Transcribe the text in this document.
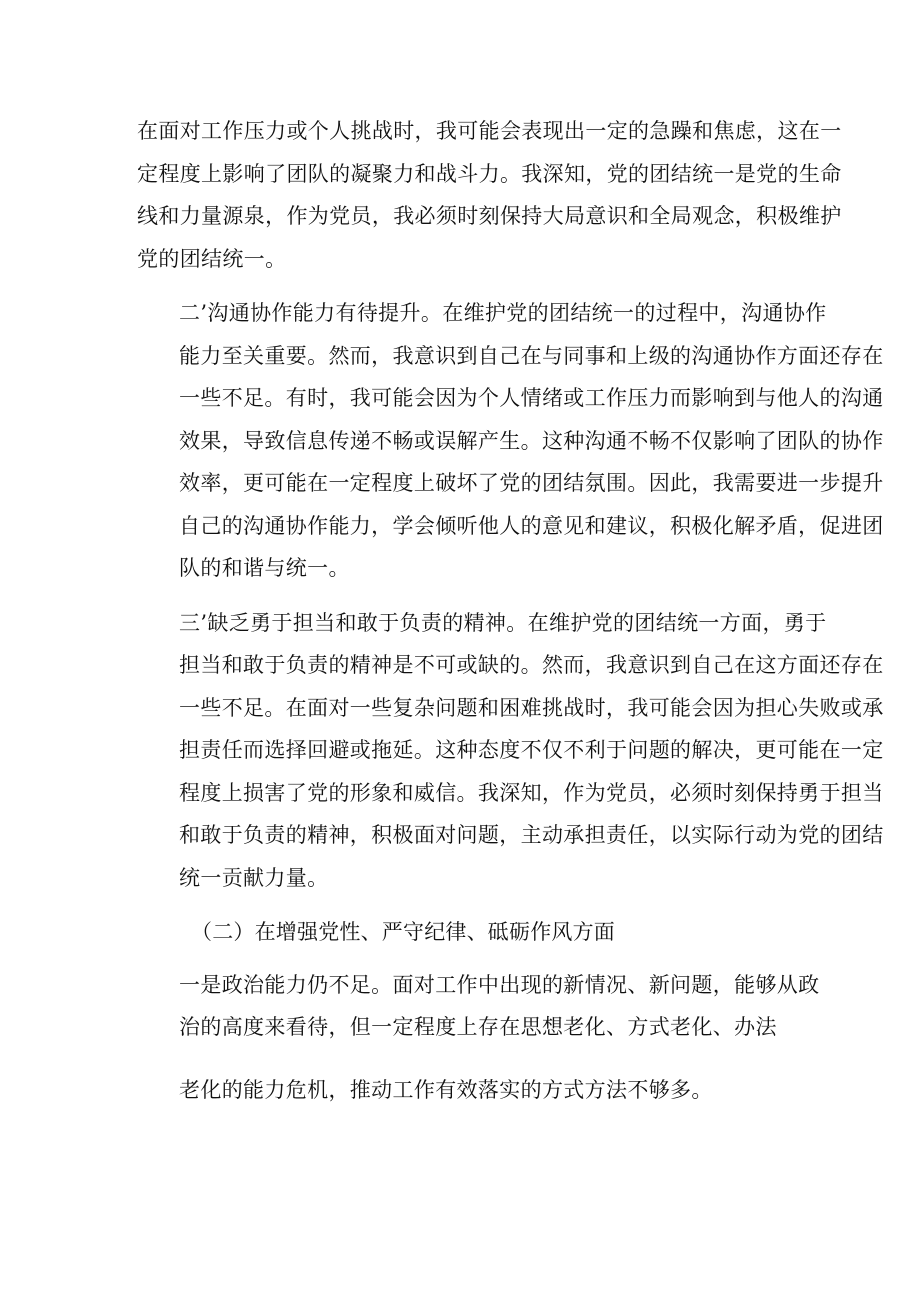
在面对工作压力或个人挑战时，我可能会表现出一定的急躁和焦虑，这在一
定程度上影响了团队的凝聚力和战斗力。我深知，党的团结统一是党的生命
线和力量源泉，作为党员，我必须时刻保持大局意识和全局观念，积极维护
党的团结统一。
二’沟通协作能力有待提升。在维护党的团结统一的过程中，沟通协作
能力至关重要。然而，我意识到自己在与同事和上级的沟通协作方面还存在
一些不足。有时，我可能会因为个人情绪或工作压力而影响到与他人的沟通
效果，导致信息传递不畅或误解产生。这种沟通不畅不仅影响了团队的协作
效率，更可能在一定程度上破坏了党的团结氛围。因此，我需要进一步提升
自己的沟通协作能力，学会倾听他人的意见和建议，积极化解矛盾，促进团
队的和谐与统一。
三’缺乏勇于担当和敢于负责的精神。在维护党的团结统一方面，勇于
担当和敢于负责的精神是不可或缺的。然而，我意识到自己在这方面还存在
一些不足。在面对一些复杂问题和困难挑战时，我可能会因为担心失败或承
担责任而选择回避或拖延。这种态度不仅不利于问题的解决，更可能在一定
程度上损害了党的形象和威信。我深知，作为党员，必须时刻保持勇于担当
和敢于负责的精神，积极面对问题，主动承担责任，以实际行动为党的团结
统一贡献力量。
（二）在增强党性、严守纪律、砥砺作风方面
一是政治能力仍不足。面对工作中出现的新情况、新问题，能够从政
治的高度来看待，但一定程度上存在思想老化、方式老化、办法
老化的能力危机，推动工作有效落实的方式方法不够多。
